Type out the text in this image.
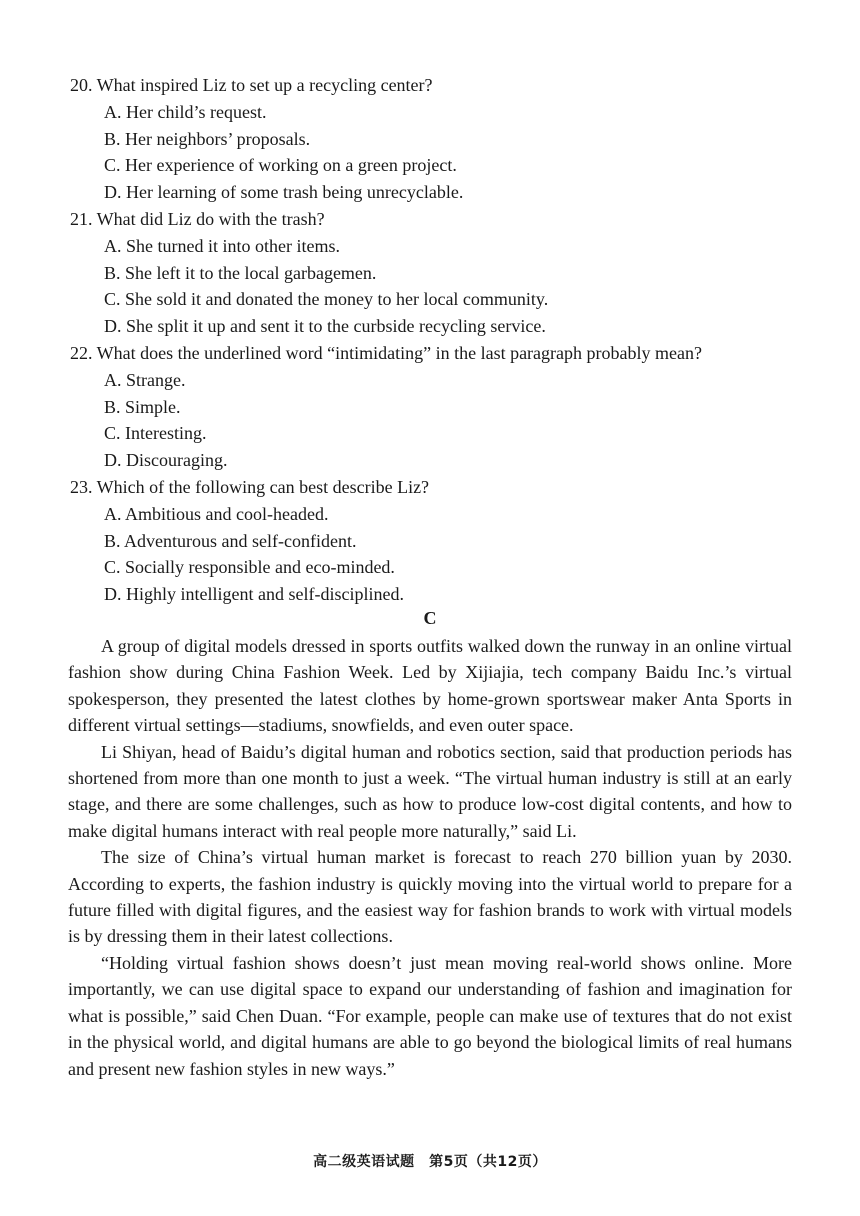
20. What inspired Liz to set up a recycling center?
A. Her child’s request.
B. Her neighbors’ proposals.
C. Her experience of working on a green project.
D. Her learning of some trash being unrecyclable.
21. What did Liz do with the trash?
A. She turned it into other items.
B. She left it to the local garbagemen.
C. She sold it and donated the money to her local community.
D. She split it up and sent it to the curbside recycling service.
22. What does the underlined word “intimidating” in the last paragraph probably mean?
A. Strange.
B. Simple.
C. Interesting.
D. Discouraging.
23. Which of the following can best describe Liz?
A. Ambitious and cool-headed.
B. Adventurous and self-confident.
C. Socially responsible and eco-minded.
D. Highly intelligent and self-disciplined.
C

A group of digital models dressed in sports outfits walked down the runway in an online virtual fashion show during China Fashion Week. Led by Xijiajia, tech company Baidu Inc.’s virtual spokesperson, they presented the latest clothes by home-grown sportswear maker Anta Sports in different virtual settings—stadiums, snowfields, and even outer space.

Li Shiyan, head of Baidu’s digital human and robotics section, said that production periods has shortened from more than one month to just a week. “The virtual human industry is still at an early stage, and there are some challenges, such as how to produce low-cost digital contents, and how to make digital humans interact with real people more naturally,” said Li.

The size of China’s virtual human market is forecast to reach 270 billion yuan by 2030. According to experts, the fashion industry is quickly moving into the virtual world to prepare for a future filled with digital figures, and the easiest way for fashion brands to work with virtual models is by dressing them in their latest collections.

“Holding virtual fashion shows doesn’t just mean moving real-world shows online. More importantly, we can use digital space to expand our understanding of fashion and imagination for what is possible,” said Chen Duan. “For example, people can make use of textures that do not exist in the physical world, and digital humans are able to go beyond the biological limits of real humans and present new fashion styles in new ways.”

高二级英语试题　第5页（共12页）
